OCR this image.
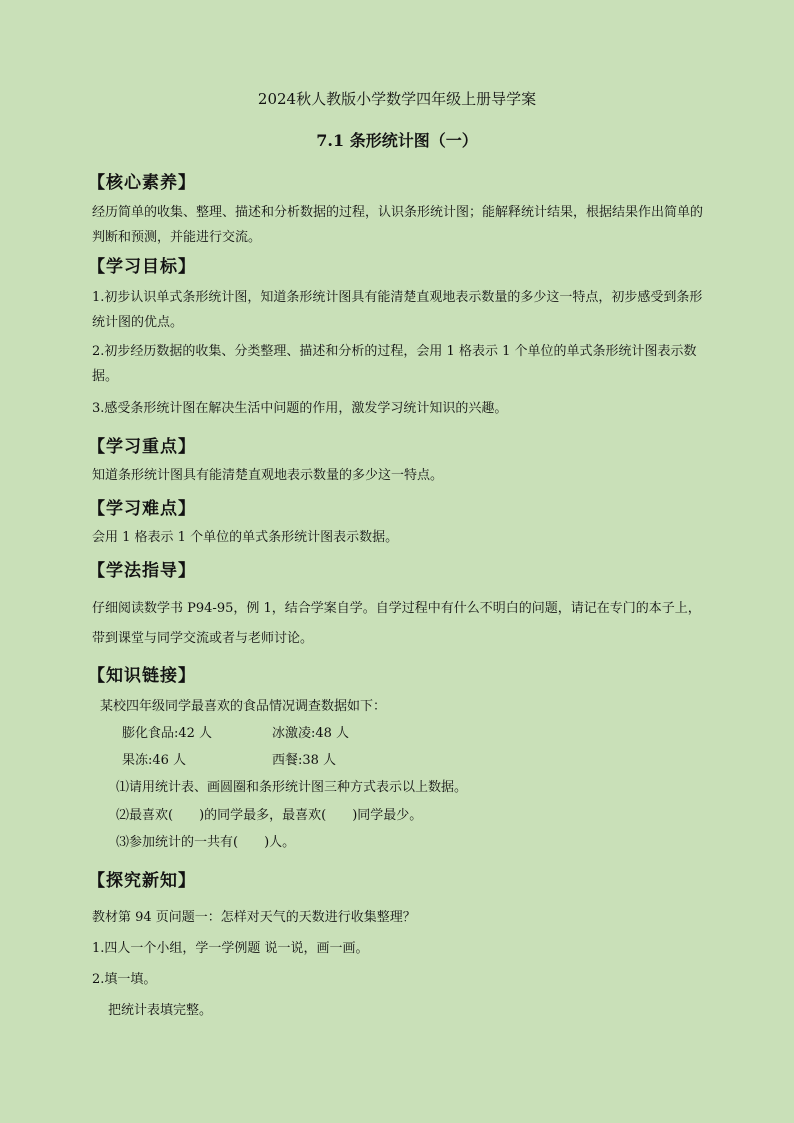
2024秋人教版小学数学四年级上册导学案
7.1 条形统计图（一）
【核心素养】
经历简单的收集、整理、描述和分析数据的过程，认识条形统计图；能解释统计结果，根据结果作出简单的判断和预测，并能进行交流。
【学习目标】
1.初步认识单式条形统计图，知道条形统计图具有能清楚直观地表示数量的多少这一特点，初步感受到条形统计图的优点。
2.初步经历数据的收集、分类整理、描述和分析的过程，会用 1 格表示 1 个单位的单式条形统计图表示数据。
3.感受条形统计图在解决生活中问题的作用，激发学习统计知识的兴趣。
【学习重点】
知道条形统计图具有能清楚直观地表示数量的多少这一特点。
【学习难点】
会用 1 格表示 1 个单位的单式条形统计图表示数据。
【学法指导】
仔细阅读数学书 P94-95，例 1，结合学案自学。自学过程中有什么不明白的问题，请记在专门的本子上，带到课堂与同学交流或者与老师讨论。
【知识链接】
某校四年级同学最喜欢的食品情况调查数据如下：
膨化食品:42 人	冰激凌:48 人
果冻:46 人	西餐:38 人
⑴请用统计表、画圆圈和条形统计图三种方式表示以上数据。
⑵最喜欢(　　)的同学最多，最喜欢(　　)同学最少。
⑶参加统计的一共有(　　)人。
【探究新知】
教材第 94 页问题一：怎样对天气的天数进行收集整理？
1.四人一个小组，学一学例题 说一说，画一画。
2.填一填。
把统计表填完整。
